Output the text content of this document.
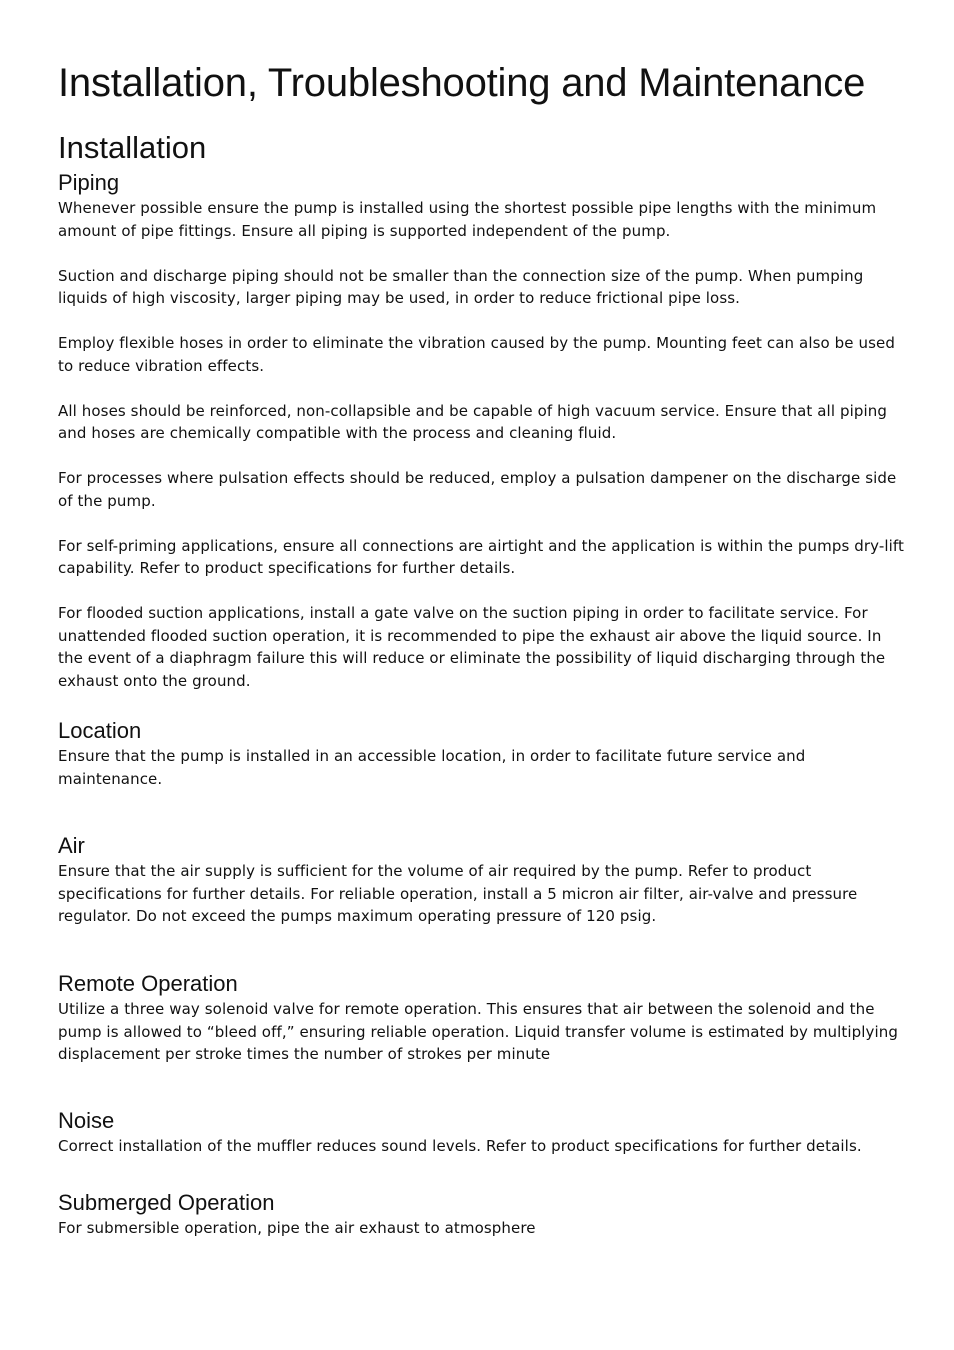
Installation, Troubleshooting and Maintenance
Installation
Piping

Whenever possible ensure the pump is installed using the shortest possible pipe lengths with the minimum amount of pipe fittings. Ensure all piping is supported independent of the pump.

Suction and discharge piping should not be smaller than the connection size of the pump. When pumping liquids of high viscosity, larger piping may be used, in order to reduce frictional pipe loss.

Employ flexible hoses in order to eliminate the vibration caused by the pump. Mounting feet can also be used to reduce vibration effects.

All hoses should be reinforced, non-collapsible and be capable of high vacuum service. Ensure that all piping and hoses are chemically compatible with the process and cleaning fluid.

For processes where pulsation effects should be reduced, employ a pulsation dampener on the discharge side of the pump.

For self-priming applications, ensure all connections are airtight and the application is within the pumps dry-lift capability. Refer to product specifications for further details.

For flooded suction applications, install a gate valve on the suction piping in order to facilitate service. For unattended flooded suction operation, it is recommended to pipe the exhaust air above the liquid source. In the event of a diaphragm failure this will reduce or eliminate the possibility of liquid discharging through the exhaust onto the ground.

Location

Ensure that the pump is installed in an accessible location, in order to facilitate future service and maintenance.

Air

Ensure that the air supply is sufficient for the volume of air required by the pump. Refer to product specifications for further details. For reliable operation, install a 5 micron air filter, air-valve and pressure regulator. Do not exceed the pumps maximum operating pressure of 120 psig.

Remote Operation

Utilize a three way solenoid valve for remote operation. This ensures that air between the solenoid and the pump is allowed to “bleed off,” ensuring reliable operation. Liquid transfer volume is estimated by multiplying displacement per stroke times the number of strokes per minute

Noise

Correct installation of the muffler reduces sound levels. Refer to product specifications for further details.

Submerged Operation

For submersible operation, pipe the air exhaust to atmosphere
